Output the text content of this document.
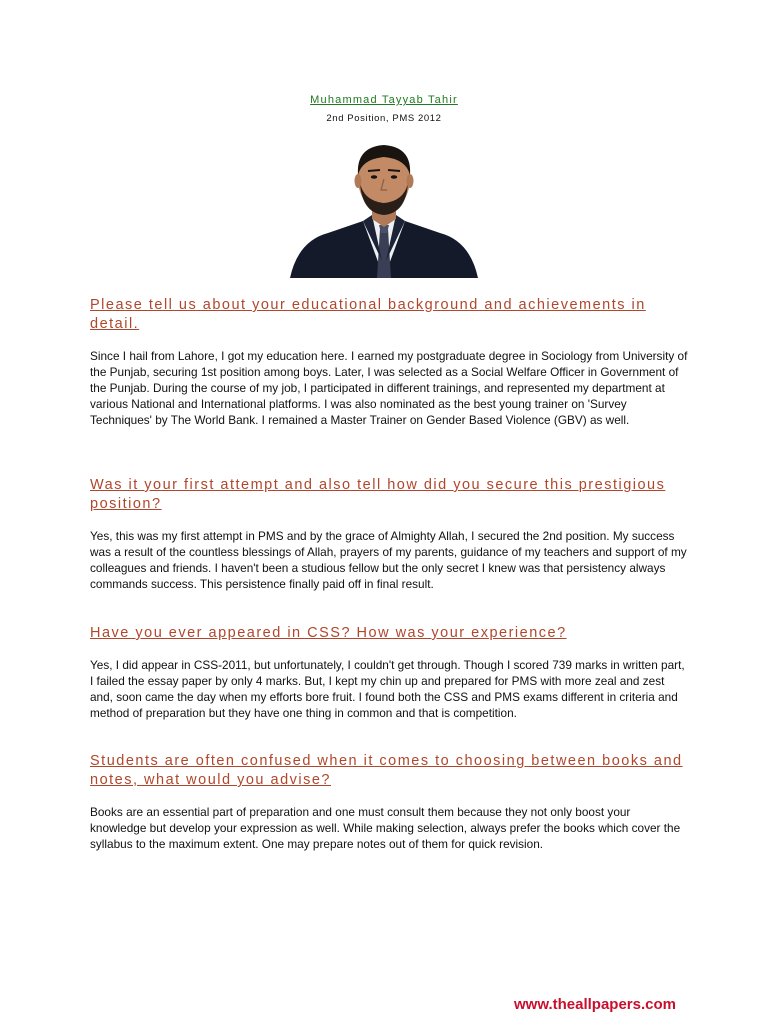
Muhammad Tayyab Tahir
2nd Position, PMS 2012
Please tell us about your educational background and achievements in detail.

Since I hail from Lahore, I got my education here. I earned my postgraduate degree in Sociology from University of the Punjab, securing 1st position among boys. Later, I was selected as a Social Welfare Officer in Government of the Punjab. During the course of my job, I participated in different trainings, and represented my department at various National and International platforms. I was also nominated as the best young trainer on 'Survey Techniques' by The World Bank. I remained a Master Trainer on Gender Based Violence (GBV) as well.

Was it your first attempt and also tell how did you secure this prestigious position?

Yes, this was my first attempt in PMS and by the grace of Almighty Allah, I secured the 2nd position. My success was a result of the countless blessings of Allah, prayers of my parents, guidance of my teachers and support of my colleagues and friends. I haven't been a studious fellow but the only secret I knew was that persistency always commands success. This persistence finally paid off in final result.

Have you ever appeared in CSS? How was your experience?

Yes, I did appear in CSS-2011, but unfortunately, I couldn't get through. Though I scored 739 marks in written part, I failed the essay paper by only 4 marks. But, I kept my chin up and prepared for PMS with more zeal and zest and, soon came the day when my efforts bore fruit. I found both the CSS and PMS exams different in criteria and method of preparation but they have one thing in common and that is competition.

Students are often confused when it comes to choosing between books and notes, what would you advise?

Books are an essential part of preparation and one must consult them because they not only boost your knowledge but develop your expression as well. While making selection, always prefer the books which cover the syllabus to the maximum extent. One may prepare notes out of them for quick revision.

www.theallpapers.com
